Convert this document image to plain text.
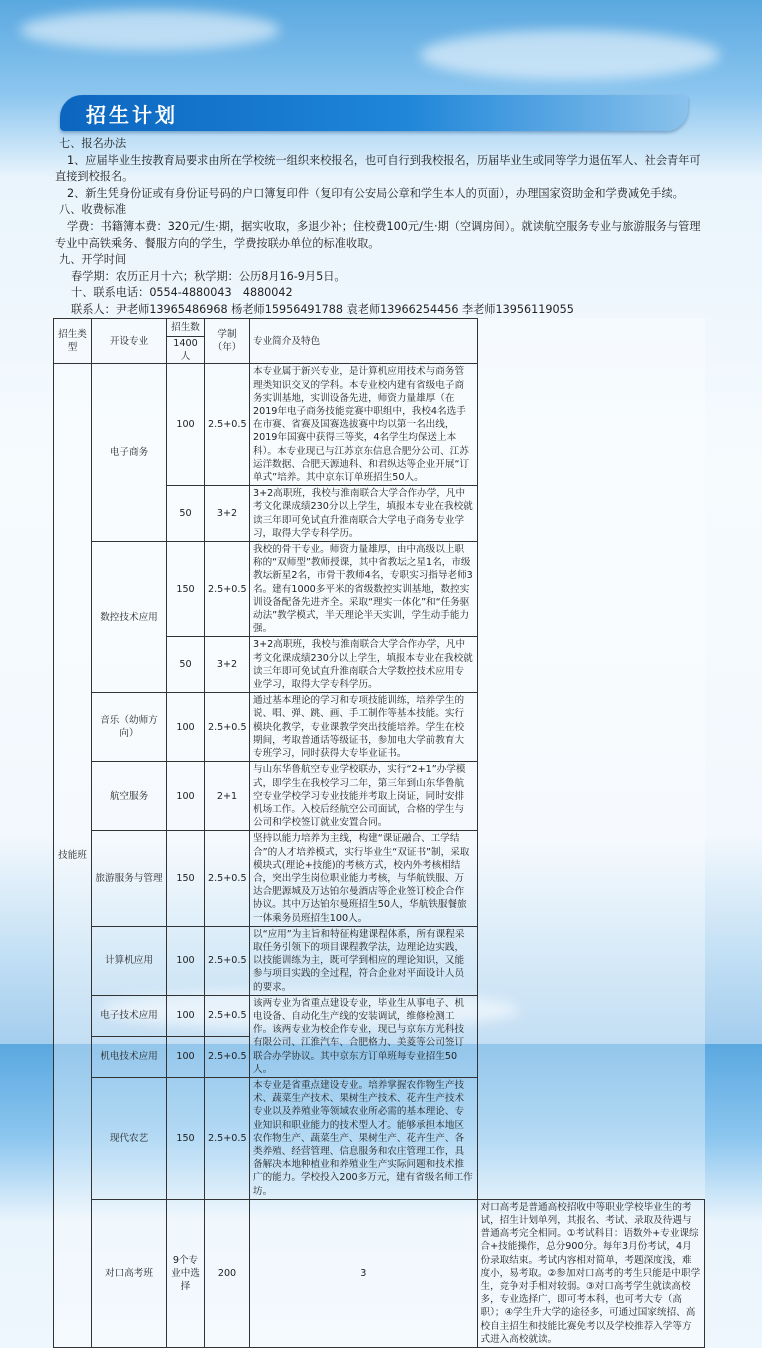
招生计划
七、报名办法
1、应届毕业生按教育局要求由所在学校统一组织来校报名，也可自行到我校报名，历届毕业生或同等学力退伍军人、社会青年可直接到校报名。
2、新生凭身份证或有身份证号码的户口簿复印件（复印有公安局公章和学生本人的页面），办理国家资助金和学费减免手续。
八、收费标准
学费：书籍簿本费：320元/生·期，据实收取，多退少补；住校费100元/生·期（空调房间）。就读航空服务专业与旅游服务与管理专业中高铁乘务、餐服方向的学生，学费按联办单位的标准收取。
九、开学时间
春学期：农历正月十六；秋学期：公历8月16-9月5日。
十、联系电话：0554-4880043　4880042
联系人：尹老师13965486968 杨老师15956491788 袁老师13966254456 李老师13956119055
招生类型	开设专业	招生数	学制（年）	专业简介及特色	
		1400人			
技能班	电子商务	100	2.5+0.5	本专业属于新兴专业，是计算机应用技术与商务管理类知识交叉的学科。本专业校内建有省级电子商务实训基地，实训设备先进，师资力量雄厚（在2019年电子商务技能竞赛中职组中，我校4名选手在市赛、省赛及国赛选拔赛中均以第一名出线，2019年国赛中获得三等奖，4名学生均保送上本科）。本专业现已与江苏京东信息合肥分公司、江苏运洋数据、合肥天源迪科、和君纵达等企业开展“订单式”培养。其中京东订单班招生50人。	
		50	3+2	3+2高职班，我校与淮南联合大学合作办学，凡中考文化课成绩230分以上学生，填报本专业在我校就读三年即可免试直升淮南联合大学电子商务专业学习，取得大学专科学历。	
	数控技术应用	150	2.5+0.5	我校的骨干专业。师资力量雄厚，由中高级以上职称的“双师型”教师授课，其中省教坛之星1名，市级教坛新星2名，市骨干教师4名，专职实习指导老师3名。建有1000多平米的省级数控实训基地，数控实训设备配备先进齐全。采取“理实一体化”和“任务驱动法”教学模式，半天理论半天实训，学生动手能力强。	
		50	3+2	3+2高职班，我校与淮南联合大学合作办学，凡中考文化课成绩230分以上学生，填报本专业在我校就读三年即可免试直升淮南联合大学数控技术应用专业学习，取得大学专科学历。	
	音乐（幼师方向）	100	2.5+0.5	通过基本理论的学习和专项技能训练，培养学生的说、唱、弹、跳、画、手工制作等基本技能。实行模块化教学，专业课教学突出技能培养。学生在校期间，考取普通话等级证书，参加电大学前教育大专班学习，同时获得大专毕业证书。	
	航空服务	100	2+1	与山东华鲁航空专业学校联办，实行“2+1”办学模式，即学生在我校学习二年，第三年到山东华鲁航空专业学校学习专业技能并考取上岗证，同时安排机场工作。入校后经航空公司面试，合格的学生与公司和学校签订就业安置合同。	
	旅游服务与管理	150	2.5+0.5	坚持以能力培养为主线，构建“课证融合、工学结合”的人才培养模式，实行毕业生“双证书”制，采取模块式(理论+技能)的考核方式，校内外考核相结合，突出学生岗位职业能力考核，与华航铁服、万达合肥源城及万达铂尔曼酒店等企业签订校企合作协议。其中万达铂尔曼班招生50人，华航铁服餐旅一体乘务员班招生100人。	
	计算机应用	100	2.5+0.5	以“应用”为主旨和特征构建课程体系，所有课程采取任务引领下的项目课程教学法，边理论边实践，以技能训练为主，既可学到相应的理论知识，又能参与项目实践的全过程，符合企业对平面设计人员的要求。	
	电子技术应用	100	2.5+0.5	该两专业为省重点建设专业，毕业生从事电子、机电设备、自动化生产线的安装调试，维修检测工作。该两专业为校企作专业，现已与京东方光科技有限公司、江淮汽车、合肥格力、美菱等公司签订联合办学协议。其中京东方订单班每专业招生50人。	
	机电技术应用	100	2.5+0.5		
	现代农艺	150	2.5+0.5	本专业是省重点建设专业。培养掌握农作物生产技术、蔬菜生产技术、果树生产技术、花卉生产技术专业以及养殖业等领域农业所必需的基本理论、专业知识和职业能力的技术型人才。能够承担本地区农作物生产、蔬菜生产、果树生产、花卉生产、各类养殖、经营管理、信息服务和农庄管理工作，具备解决本地种植业和养殖业生产实际问题和技术推广的能力。学校投入200多万元，建有省级名师工作坊。	
	对口高考班	9个专业中选择	200	3	对口高考是普通高校招收中等职业学校毕业生的考试，招生计划单列，其报名、考试、录取及待遇与普通高考完全相同。①考试科目：语数外+专业课综合+技能操作，总分900分。每年3月份考试，4月份录取结束。考试内容相对简单，考题深度浅，难度小，易考取。②参加对口高考的考生只能是中职学生，竞争对手相对较弱。③对口高考学生就读高校多，专业选择广，即可考本科，也可考大专（高职）；④学生升大学的途径多，可通过国家统招、高校自主招生和技能比赛免考以及学校推荐入学等方式进入高校就读。
